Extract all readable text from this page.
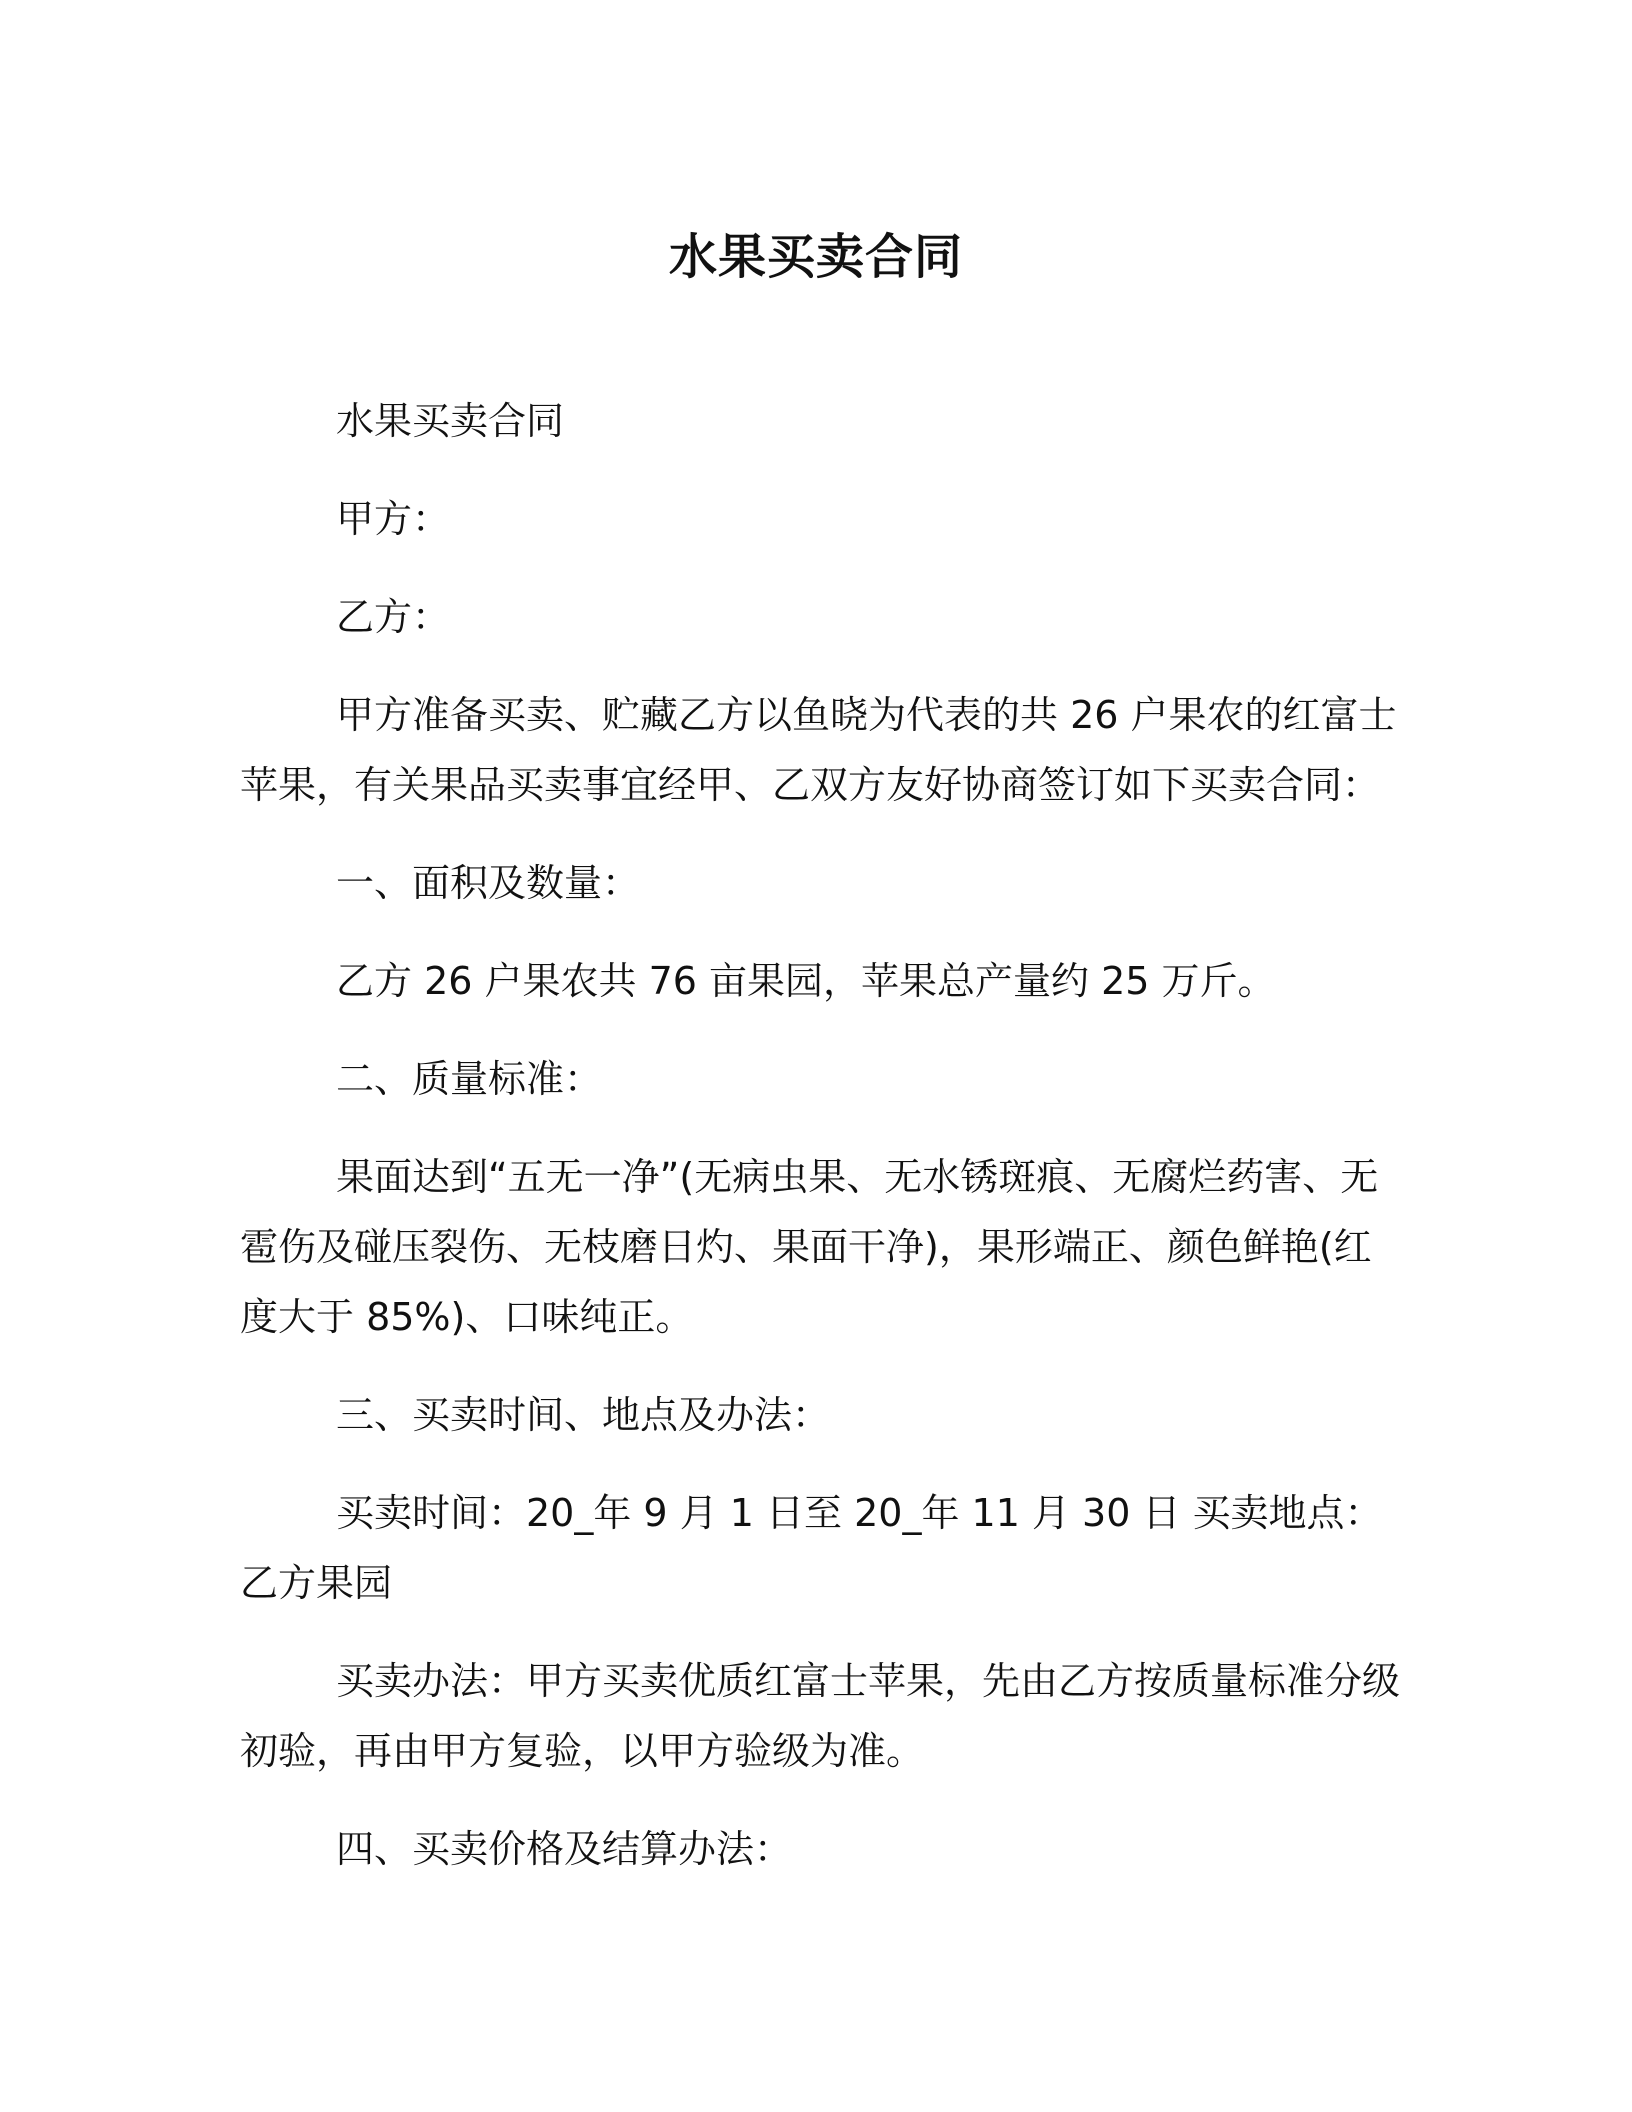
水果买卖合同

水果买卖合同

甲方：

乙方：

甲方准备买卖、贮藏乙方以鱼晓为代表的共 26 户果农的红富士苹果，有关果品买卖事宜经甲、乙双方友好协商签订如下买卖合同：

一、面积及数量：

乙方 26 户果农共 76 亩果园，苹果总产量约 25 万斤。

二、质量标准：

果面达到“五无一净”(无病虫果、无水锈斑痕、无腐烂药害、无雹伤及碰压裂伤、无枝磨日灼、果面干净)，果形端正、颜色鲜艳(红度大于 85%)、口味纯正。

三、买卖时间、地点及办法：

买卖时间：20_年 9 月 1 日至 20_年 11 月 30 日 买卖地点：乙方果园

买卖办法：甲方买卖优质红富士苹果，先由乙方按质量标准分级初验，再由甲方复验，以甲方验级为准。

四、买卖价格及结算办法：
